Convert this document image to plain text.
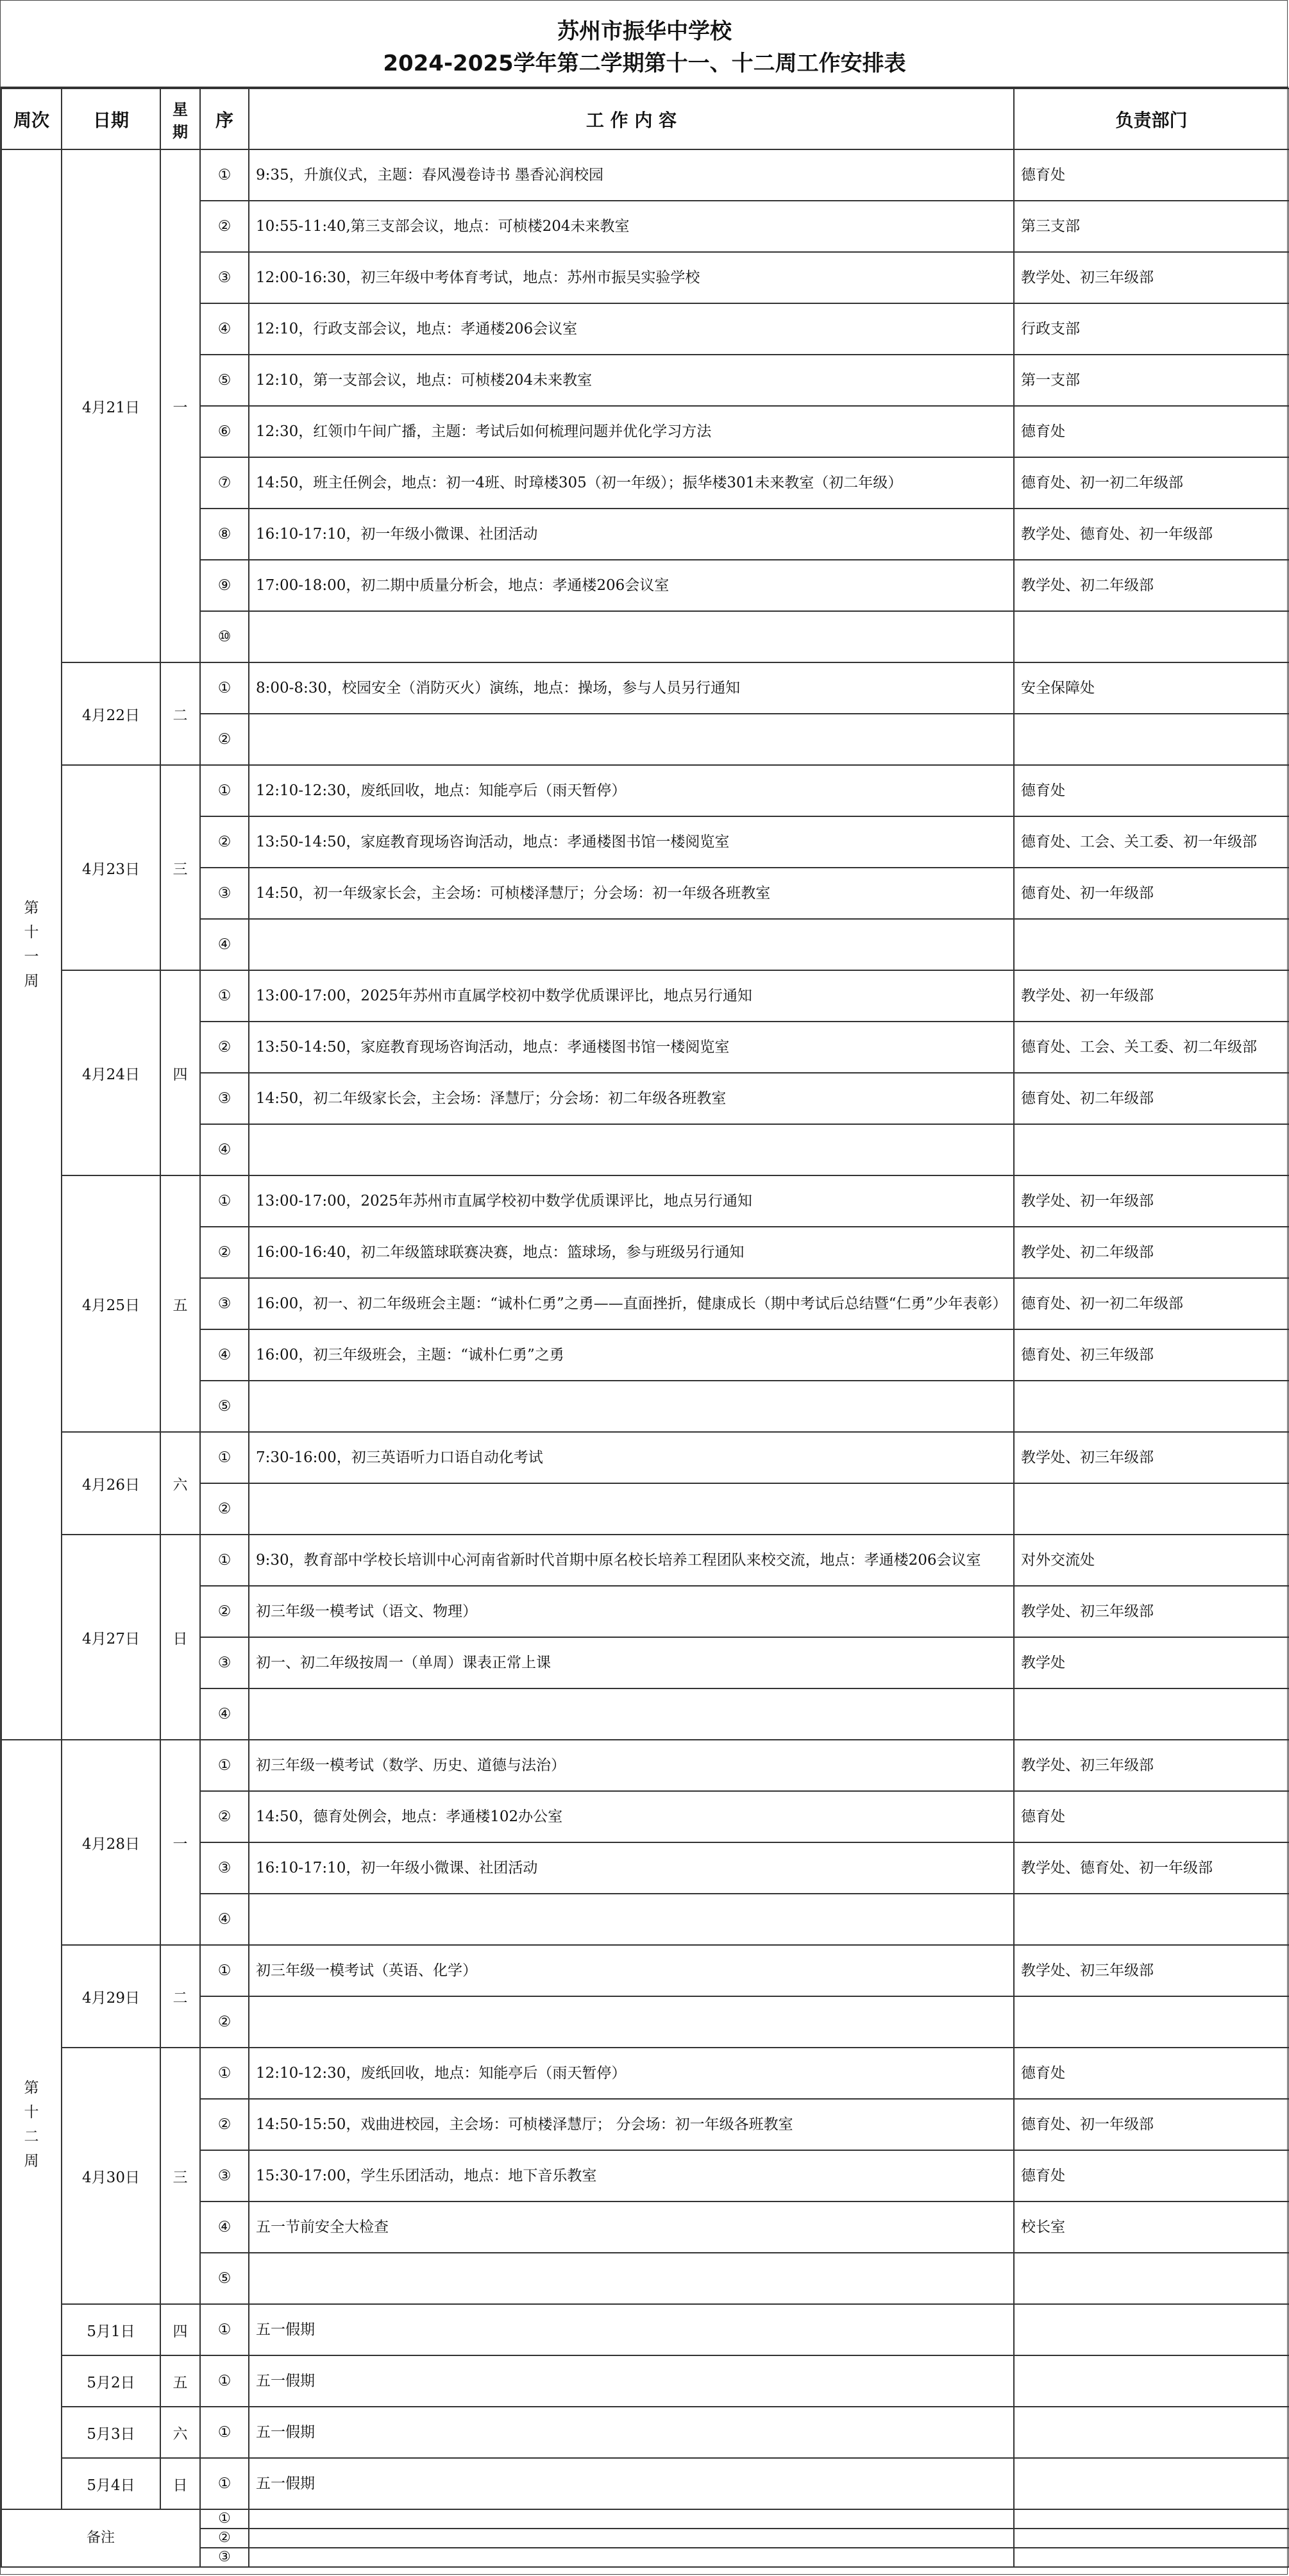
苏州市振华中学校
2024-2025学年第二学期第十一、十二周工作安排表
周次	日期	星期	序	工 作 内 容	负责部门
第十一周	4月21日	一	①	9:35，升旗仪式，主题：春风漫卷诗书 墨香沁润校园	德育处
			②	10:55-11:40,第三支部会议，地点：可桢楼204未来教室	第三支部
			③	12:00-16:30，初三年级中考体育考试，地点：苏州市振吴实验学校	教学处、初三年级部
			④	12:10，行政支部会议，地点：孝通楼206会议室	行政支部
			⑤	12:10，第一支部会议，地点：可桢楼204未来教室	第一支部
			⑥	12:30，红领巾午间广播，主题：考试后如何梳理问题并优化学习方法	德育处
			⑦	14:50，班主任例会，地点：初一4班、时璋楼305（初一年级）；振华楼301未来教室（初二年级）	德育处、初一初二年级部
			⑧	16:10-17:10，初一年级小微课、社团活动	教学处、德育处、初一年级部
			⑨	17:00-18:00，初二期中质量分析会，地点：孝通楼206会议室	教学处、初二年级部
			⑩		
	4月22日	二	①	8:00-8:30，校园安全（消防灭火）演练，地点：操场，参与人员另行通知	安全保障处
			②		
	4月23日	三	①	12:10-12:30，废纸回收，地点：知能亭后（雨天暂停）	德育处
			②	13:50-14:50，家庭教育现场咨询活动，地点：孝通楼图书馆一楼阅览室	德育处、工会、关工委、初一年级部
			③	14:50，初一年级家长会，主会场：可桢楼泽慧厅；分会场：初一年级各班教室	德育处、初一年级部
			④		
	4月24日	四	①	13:00-17:00，2025年苏州市直属学校初中数学优质课评比，地点另行通知	教学处、初一年级部
			②	13:50-14:50，家庭教育现场咨询活动，地点：孝通楼图书馆一楼阅览室	德育处、工会、关工委、初二年级部
			③	14:50，初二年级家长会，主会场：泽慧厅；分会场：初二年级各班教室	德育处、初二年级部
			④		
	4月25日	五	①	13:00-17:00，2025年苏州市直属学校初中数学优质课评比，地点另行通知	教学处、初一年级部
			②	16:00-16:40，初二年级篮球联赛决赛，地点：篮球场，参与班级另行通知	教学处、初二年级部
			③	16:00，初一、初二年级班会主题：“诚朴仁勇”之勇——直面挫折，健康成长（期中考试后总结暨“仁勇”少年表彰）	德育处、初一初二年级部
			④	16:00，初三年级班会，主题：“诚朴仁勇”之勇	德育处、初三年级部
			⑤		
	4月26日	六	①	7:30-16:00，初三英语听力口语自动化考试	教学处、初三年级部
			②		
	4月27日	日	①	9:30，教育部中学校长培训中心河南省新时代首期中原名校长培养工程团队来校交流，地点：孝通楼206会议室	对外交流处
			②	初三年级一模考试（语文、物理）	教学处、初三年级部
			③	初一、初二年级按周一（单周）课表正常上课	教学处
			④		
第十二周	4月28日	一	①	初三年级一模考试（数学、历史、道德与法治）	教学处、初三年级部
			②	14:50，德育处例会，地点：孝通楼102办公室	德育处
			③	16:10-17:10，初一年级小微课、社团活动	教学处、德育处、初一年级部
			④		
	4月29日	二	①	初三年级一模考试（英语、化学）	教学处、初三年级部
			②		
	4月30日	三	①	12:10-12:30，废纸回收，地点：知能亭后（雨天暂停）	德育处
			②	14:50-15:50，戏曲进校园，主会场：可桢楼泽慧厅； 分会场：初一年级各班教室	德育处、初一年级部
			③	15:30-17:00，学生乐团活动，地点：地下音乐教室	德育处
			④	五一节前安全大检查	校长室
			⑤		
	5月1日	四	①	五一假期	
	5月2日	五	①	五一假期	
	5月3日	六	①	五一假期	
	5月4日	日	①	五一假期	
备注			①		
			②		
			③		
